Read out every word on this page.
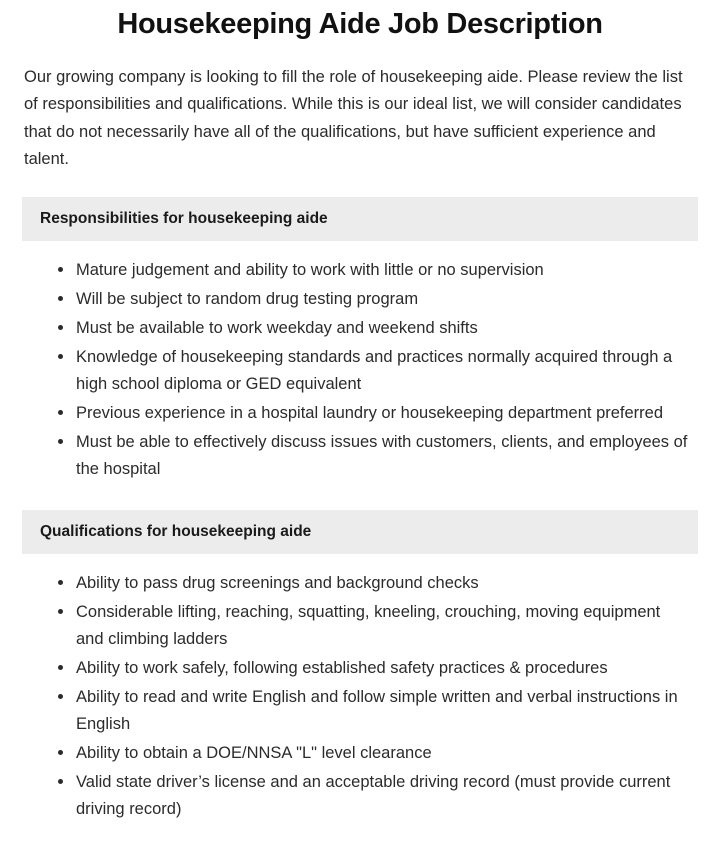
Housekeeping Aide Job Description

Our growing company is looking to fill the role of housekeeping aide. Please review the list of responsibilities and qualifications. While this is our ideal list, we will consider candidates that do not necessarily have all of the qualifications, but have sufficient experience and talent.

Responsibilities for housekeeping aide
Mature judgement and ability to work with little or no supervision
Will be subject to random drug testing program
Must be available to work weekday and weekend shifts
Knowledge of housekeeping standards and practices normally acquired through a high school diploma or GED equivalent
Previous experience in a hospital laundry or housekeeping department preferred
Must be able to effectively discuss issues with customers, clients, and employees of the hospital
Qualifications for housekeeping aide
Ability to pass drug screenings and background checks
Considerable lifting, reaching, squatting, kneeling, crouching, moving equipment and climbing ladders
Ability to work safely, following established safety practices & procedures
Ability to read and write English and follow simple written and verbal instructions in English
Ability to obtain a DOE/NNSA "L" level clearance
Valid state driver’s license and an acceptable driving record (must provide current driving record)
